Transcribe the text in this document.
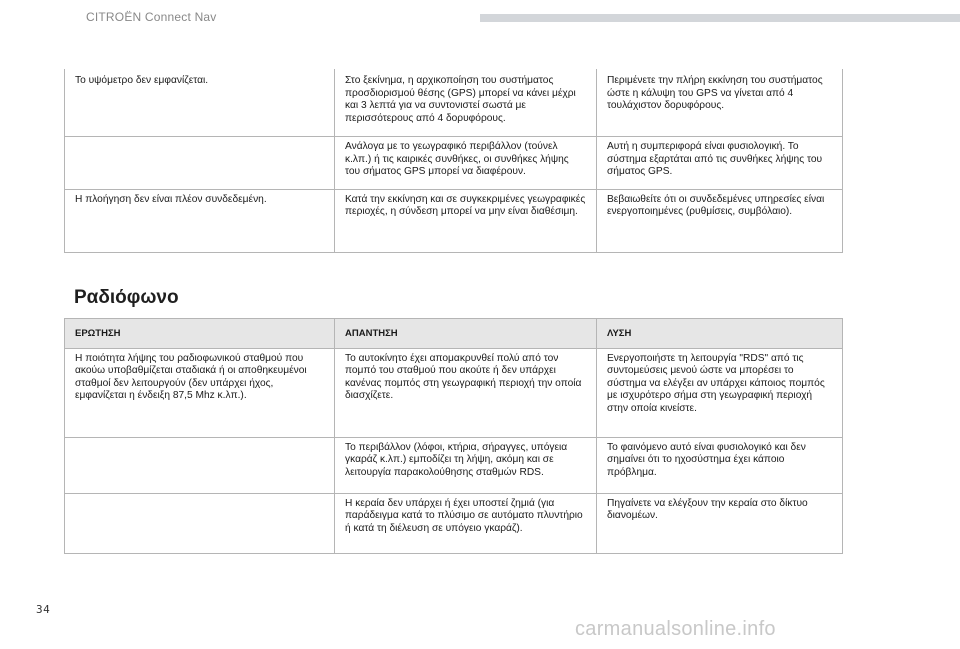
CITROËN Connect Nav
Το υψόμετρο δεν εμφανίζεται.	Στο ξεκίνημα, η αρχικοποίηση του συστήματος προσδιορισμού θέσης (GPS) μπορεί να κάνει μέχρι και 3 λεπτά για να συντονιστεί σωστά με περισσότερους από 4 δορυφόρους.	Περιμένετε την πλήρη εκκίνηση του συστήματος ώστε η κάλυψη του GPS να γίνεται από 4 τουλάχιστον δορυφόρους.
	Ανάλογα με το γεωγραφικό περιβάλλον (τούνελ κ.λπ.) ή τις καιρικές συνθήκες, οι συνθήκες λήψης του σήματος GPS μπορεί να διαφέρουν.	Αυτή η συμπεριφορά είναι φυσιολογική. Το σύστημα εξαρτάται από τις συνθήκες λήψης του σήματος GPS.
Η πλοήγηση δεν είναι πλέον συνδεδεμένη.	Κατά την εκκίνηση και σε συγκεκριμένες γεωγραφικές περιοχές, η σύνδεση μπορεί να μην είναι διαθέσιμη.	Βεβαιωθείτε ότι οι συνδεδεμένες υπηρεσίες είναι ενεργοποιημένες (ρυθμίσεις, συμβόλαιο).
Ραδιόφωνο
ΕΡΩΤΗΣΗ	ΑΠΑΝΤΗΣΗ	ΛΥΣΗ
Η ποιότητα λήψης του ραδιοφωνικού σταθμού που ακούω υποβαθμίζεται σταδιακά ή οι αποθηκευμένοι σταθμοί δεν λειτουργούν (δεν υπάρχει ήχος, εμφανίζεται η ένδειξη 87,5 Mhz κ.λπ.).	Το αυτοκίνητο έχει απομακρυνθεί πολύ από τον πομπό του σταθμού που ακούτε ή δεν υπάρχει κανένας πομπός στη γεωγραφική περιοχή την οποία διασχίζετε.	Ενεργοποιήστε τη λειτουργία "RDS" από τις συντομεύσεις μενού ώστε να μπορέσει το σύστημα να ελέγξει αν υπάρχει κάποιος πομπός με ισχυρότερο σήμα στη γεωγραφική περιοχή στην οποία κινείστε.
	Το περιβάλλον (λόφοι, κτήρια, σήραγγες, υπόγεια γκαράζ κ.λπ.) εμποδίζει τη λήψη, ακόμη και σε λειτουργία παρακολούθησης σταθμών RDS.	Το φαινόμενο αυτό είναι φυσιολογικό και δεν σημαίνει ότι το ηχοσύστημα έχει κάποιο πρόβλημα.
	Η κεραία δεν υπάρχει ή έχει υποστεί ζημιά (για παράδειγμα κατά το πλύσιμο σε αυτόματο πλυντήριο ή κατά τη διέλευση σε υπόγειο γκαράζ).	Πηγαίνετε να ελέγξουν την κεραία στο δίκτυο διανομέων.
34
carmanualsonline.info
